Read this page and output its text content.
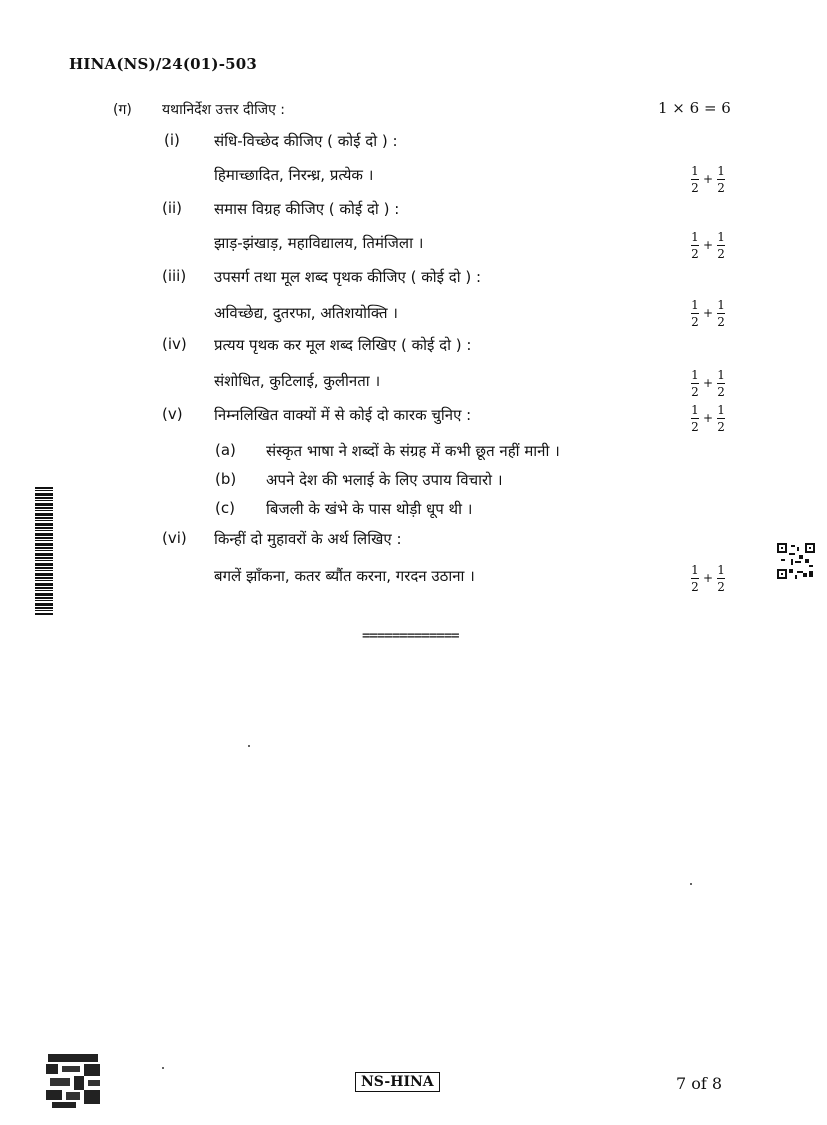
HINA(NS)/24(01)-503
(ग) यथानिर्देश उत्तर दीजिए :	1 × 6 = 6
(i) संधि-विच्छेद कीजिए ( कोई दो ) :
हिमाच्छादित, निरन्ध्र, प्रत्येक ।	$\frac{1}{2} + \frac{1}{2}$
(ii) समास विग्रह कीजिए ( कोई दो ) :
झाड़-झंखाड़, महाविद्यालय, तिमंजिला ।	$\frac{1}{2} + \frac{1}{2}$
(iii) उपसर्ग तथा मूल शब्द पृथक कीजिए ( कोई दो ) :
अविच्छेद्य, दुतरफा, अतिशयोक्ति ।	$\frac{1}{2} + \frac{1}{2}$
(iv) प्रत्यय पृथक कर मूल शब्द लिखिए ( कोई दो ) :
संशोधित, कुटिलाई, कुलीनता ।	$\frac{1}{2} + \frac{1}{2}$
(v) निम्नलिखित वाक्यों में से कोई दो कारक चुनिए :	$\frac{1}{2} + \frac{1}{2}$
(a) संस्कृत भाषा ने शब्दों के संग्रह में कभी छूत नहीं मानी ।
(b) अपने देश की भलाई के लिए उपाय विचारो ।
(c) बिजली के खंभे के पास थोड़ी धूप थी ।
(vi) किन्हीं दो मुहावरों के अर्थ लिखिए :
बगलें झाँकना, कतर ब्यौंत करना, गरदन उठाना ।	$\frac{1}{2} + \frac{1}{2}$
=============
NS-HINA	7 of 8
